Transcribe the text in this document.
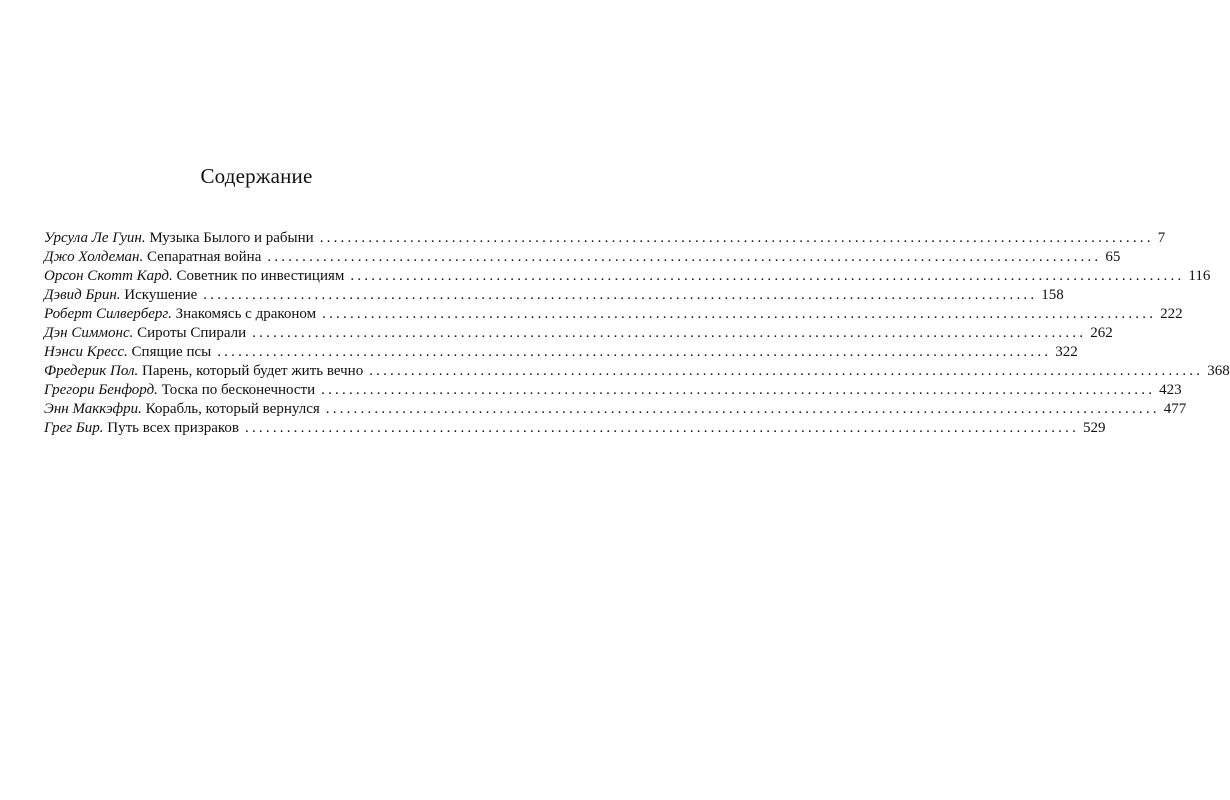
Содержание
Урсула Ле Гуин.
Музыка Былого и рабыни ........................................................................................................................ 7
Джо Холдеман.
Сепаратная война ........................................................................................................................ 65
Орсон Скотт Кард.
Советник по инвестициям ........................................................................................................................ 116
Дэвид Брин.
Искушение ........................................................................................................................ 158
Роберт Силверберг.
Знакомясь с драконом ........................................................................................................................ 222
Дэн Симмонс.
Сироты Спирали ........................................................................................................................ 262
Нэнси Кресс.
Спящие псы ........................................................................................................................ 322
Фредерик Пол.
Парень, который будет жить вечно ........................................................................................................................ 368
Грегори Бенфорд.
Тоска по бесконечности ........................................................................................................................ 423
Энн Маккэфри.
Корабль, который вернулся ........................................................................................................................ 477
Грег Бир.
Путь всех призраков ........................................................................................................................ 529
